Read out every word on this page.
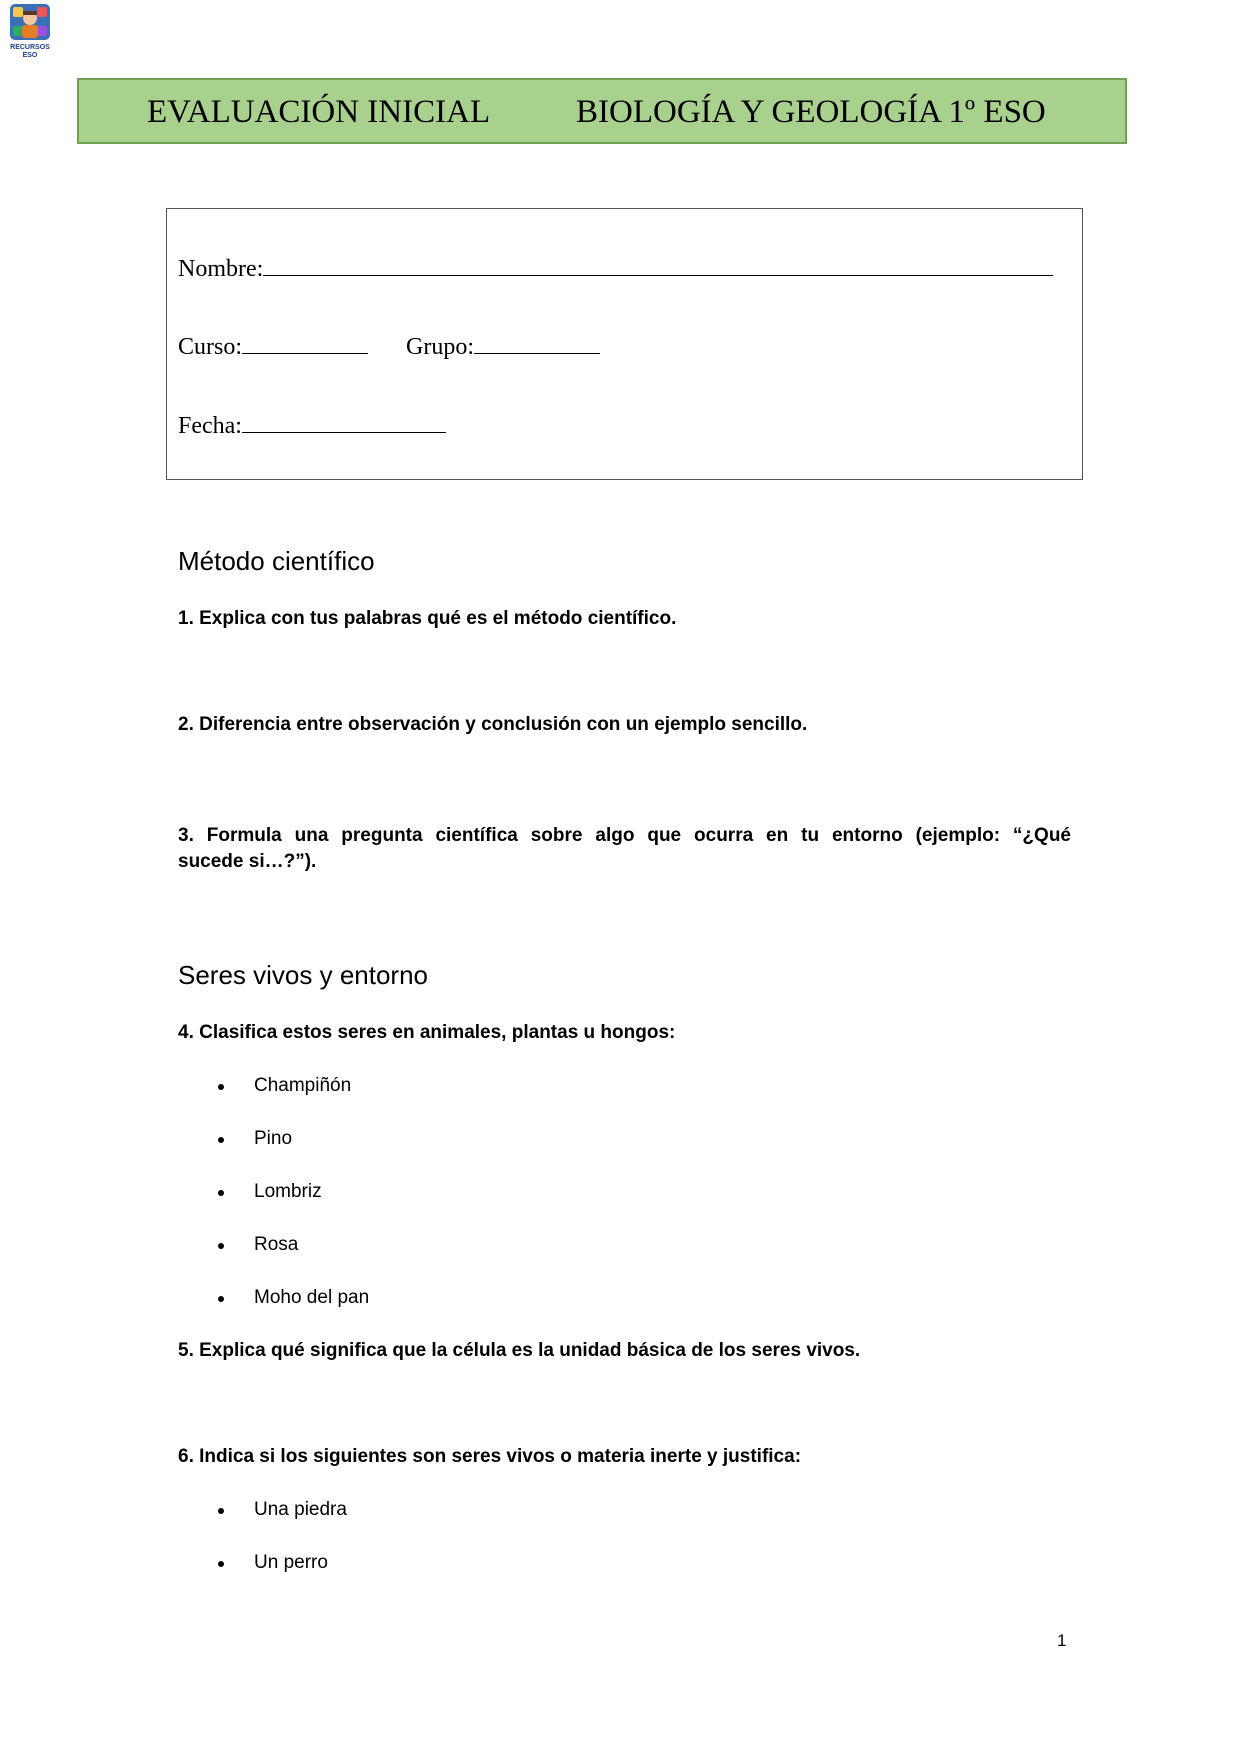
RECURSOS
ESO
EVALUACIÓN INICIAL	BIOLOGÍA Y GEOLOGÍA 1º ESO
Nombre:
Curso:	Grupo:
Fecha:
Método científico
1. Explica con tus palabras qué es el método científico.
2. Diferencia entre observación y conclusión con un ejemplo sencillo.
3. Formula una pregunta científica sobre algo que ocurra en tu entorno (ejemplo: “¿Qué
sucede si…?”).
Seres vivos y entorno
4. Clasifica estos seres en animales, plantas u hongos:
Champiñón
Pino
Lombriz
Rosa
Moho del pan
5. Explica qué significa que la célula es la unidad básica de los seres vivos.
6. Indica si los siguientes son seres vivos o materia inerte y justifica:
Una piedra
Un perro
1
